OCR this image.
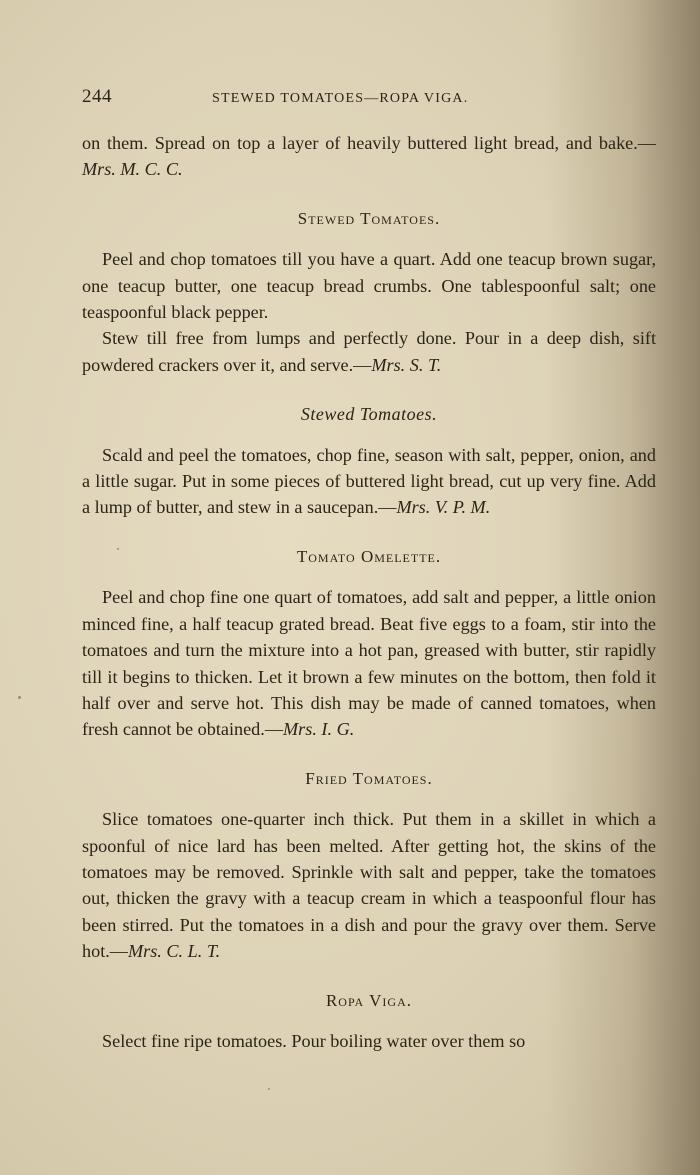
244	STEWED TOMATOES—ROPA VIGA.

on them. Spread on top a layer of heavily buttered light bread, and bake.—Mrs. M. C. C.

Stewed Tomatoes.

Peel and chop tomatoes till you have a quart. Add one teacup brown sugar, one teacup butter, one teacup bread crumbs. One tablespoonful salt; one teaspoonful black pepper.

Stew till free from lumps and perfectly done. Pour in a deep dish, sift powdered crackers over it, and serve.—Mrs. S. T.

Stewed Tomatoes.

Scald and peel the tomatoes, chop fine, season with salt, pepper, onion, and a little sugar. Put in some pieces of buttered light bread, cut up very fine. Add a lump of butter, and stew in a saucepan.—Mrs. V. P. M.

Tomato Omelette.

Peel and chop fine one quart of tomatoes, add salt and pepper, a little onion minced fine, a half teacup grated bread. Beat five eggs to a foam, stir into the tomatoes and turn the mixture into a hot pan, greased with butter, stir rapidly till it begins to thicken. Let it brown a few minutes on the bottom, then fold it half over and serve hot. This dish may be made of canned tomatoes, when fresh cannot be obtained.—Mrs. I. G.

Fried Tomatoes.

Slice tomatoes one-quarter inch thick. Put them in a skillet in which a spoonful of nice lard has been melted. After getting hot, the skins of the tomatoes may be removed. Sprinkle with salt and pepper, take the tomatoes out, thicken the gravy with a teacup cream in which a teaspoonful flour has been stirred. Put the tomatoes in a dish and pour the gravy over them. Serve hot.—Mrs. C. L. T.

Ropa Viga.

Select fine ripe tomatoes. Pour boiling water over them so
